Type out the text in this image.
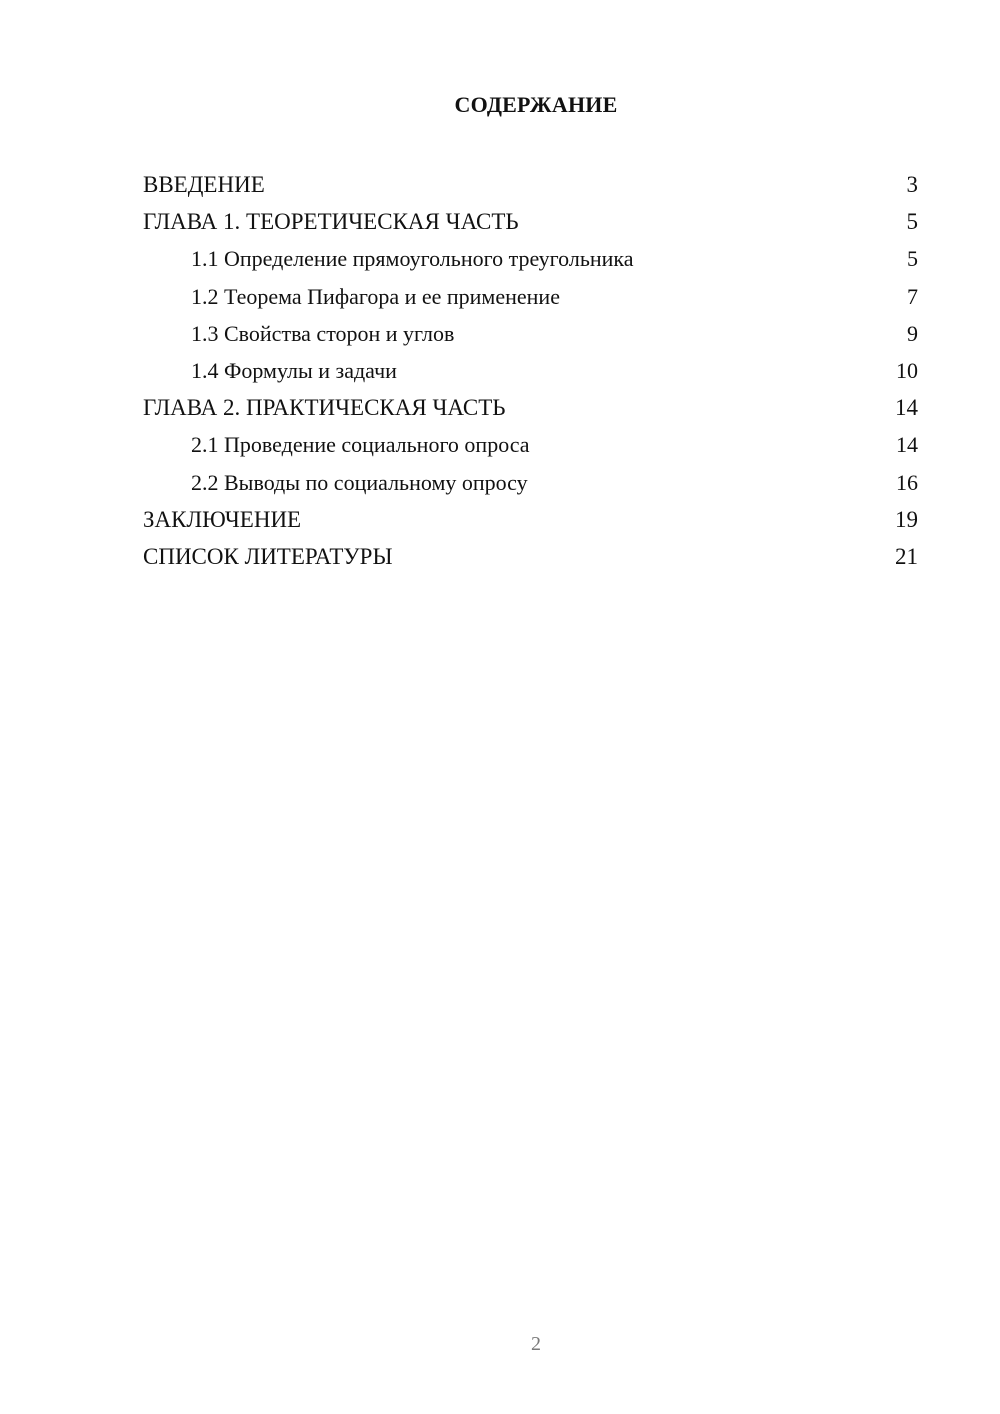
СОДЕРЖАНИЕ
ВВЕДЕНИЕ	3
ГЛАВА 1. ТЕОРЕТИЧЕСКАЯ ЧАСТЬ	5
1.1 Определение прямоугольного треугольника	5
1.2 Теорема Пифагора и ее применение	7
1.3 Свойства сторон и углов	9
1.4 Формулы и задачи	10
ГЛАВА 2. ПРАКТИЧЕСКАЯ ЧАСТЬ	14
2.1 Проведение социального опроса	14
2.2 Выводы по социальному опросу	16
ЗАКЛЮЧЕНИЕ	19
СПИСОК ЛИТЕРАТУРЫ	21
2
